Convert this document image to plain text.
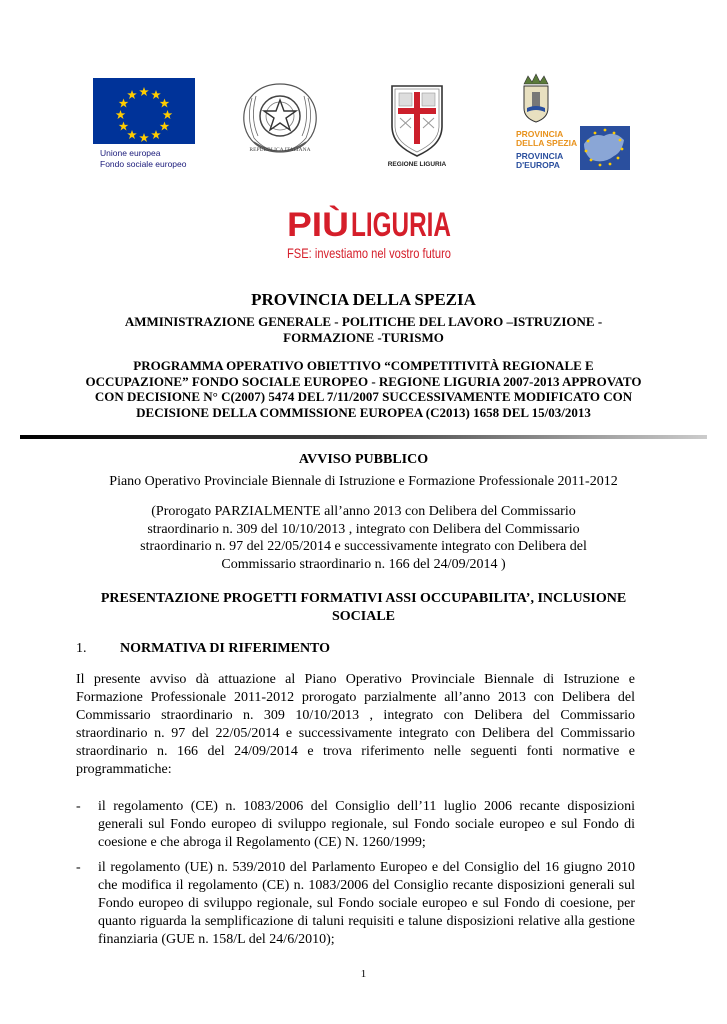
Unione europea
Fondo sociale europeo
REPUBBLICA ITALIANA
REGIONE LIGURIA
PROVINCIA
DELLA SPEZIA
PROVINCIA
D'EUROPA
PIÙ LIGURIA
FSE: investiamo nel vostro futuro
PROVINCIA DELLA SPEZIA
AMMINISTRAZIONE GENERALE - POLITICHE DEL LAVORO –ISTRUZIONE -
FORMAZIONE -TURISMO
PROGRAMMA OPERATIVO OBIETTIVO “COMPETITIVITÀ REGIONALE E
OCCUPAZIONE” FONDO SOCIALE EUROPEO - REGIONE LIGURIA 2007-2013 APPROVATO
CON DECISIONE N° C(2007) 5474 DEL 7/11/2007 SUCCESSIVAMENTE MODIFICATO CON
DECISIONE DELLA COMMISSIONE EUROPEA (C2013) 1658 DEL 15/03/2013
AVVISO PUBBLICO
Piano Operativo Provinciale Biennale di Istruzione e Formazione Professionale 2011-2012
(Prorogato PARZIALMENTE all’anno 2013 con Delibera del Commissario
straordinario n. 309 del 10/10/2013 , integrato con Delibera del Commissario
straordinario n. 97 del 22/05/2014 e successivamente integrato con Delibera del
Commissario straordinario n. 166 del 24/09/2014 )
PRESENTAZIONE PROGETTI FORMATIVI ASSI OCCUPABILITA’, INCLUSIONE
SOCIALE
1. NORMATIVA DI RIFERIMENTO
Il presente avviso dà attuazione al Piano Operativo Provinciale Biennale di Istruzione e Formazione Professionale 2011-2012 prorogato parzialmente all’anno 2013 con Delibera del Commissario straordinario n. 309 10/10/2013 , integrato con Delibera del Commissario straordinario n. 97 del 22/05/2014 e successivamente integrato con Delibera del Commissario straordinario n. 166 del 24/09/2014 e trova riferimento nelle seguenti fonti normative e programmatiche:
- il regolamento (CE) n. 1083/2006 del Consiglio dell’11 luglio 2006 recante disposizioni generali sul Fondo europeo di sviluppo regionale, sul Fondo sociale europeo e sul Fondo di coesione e che abroga il Regolamento (CE) N. 1260/1999;
- il regolamento (UE) n. 539/2010 del Parlamento Europeo e del Consiglio del 16 giugno 2010 che modifica il regolamento (CE) n. 1083/2006 del Consiglio recante disposizioni generali sul Fondo europeo di sviluppo regionale, sul Fondo sociale europeo e sul Fondo di coesione, per quanto riguarda la semplificazione di taluni requisiti e talune disposizioni relative alla gestione finanziaria (GUE n. 158/L del 24/6/2010);
1
